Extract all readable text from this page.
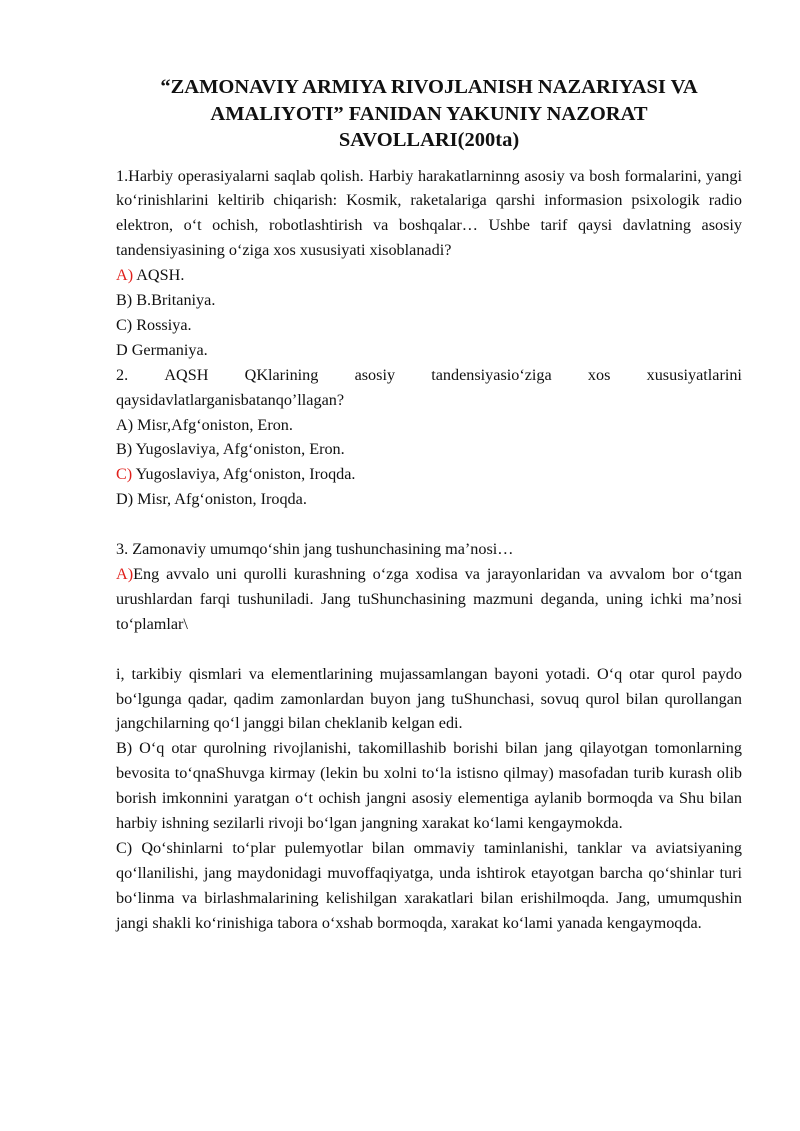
“ZAMONAVIY ARMIYA RIVOJLANISH NAZARIYASI VA
AMALIYOTI” FANIDAN YAKUNIY NAZORAT
SAVOLLARI(200ta)

1.Harbiy operasiyalarni saqlab qolish. Harbiy harakatlarninng asosiy va bosh formalarini, yangi ko‘rinishlarini keltirib chiqarish: Kosmik, raketalariga qarshi informasion psixologik radio elektron, o‘t ochish, robotlashtirish va boshqalar… Ushbe tarif qaysi davlatning asosiy tandensiyasining o‘ziga xos xususiyati xisoblanadi?

A) AQSH.

B) B.Britaniya.

C) Rossiya.

D Germaniya.

2. AQSH QKlarining asosiy tandensiyasio‘ziga xos xususiyatlarini

qaysidavlatlarganisbatanqo’llagan?

A) Misr,Afg‘oniston, Eron.

B) Yugoslaviya, Afg‘oniston, Eron.

C) Yugoslaviya, Afg‘oniston, Iroqda.

D) Misr, Afg‘oniston, Iroqda.

3. Zamonaviy umumqo‘shin jang tushunchasining ma’nosi…

A)Eng avvalo uni qurolli kurashning o‘zga xodisa va jarayonlaridan va avvalom bor o‘tgan urushlardan farqi tushuniladi. Jang tuShunchasining mazmuni deganda, uning ichki ma’nosi to‘plamlar\

i, tarkibiy qismlari va elementlarining mujassamlangan bayoni yotadi. O‘q otar qurol paydo bo‘lgunga qadar, qadim zamonlardan buyon jang tuShunchasi, sovuq qurol bilan qurollangan jangchilarning qo‘l janggi bilan cheklanib kelgan edi.

B) O‘q otar qurolning rivojlanishi, takomillashib borishi bilan jang qilayotgan tomonlarning bevosita to‘qnaShuvga kirmay (lekin bu xolni to‘la istisno qilmay) masofadan turib kurash olib borish imkonnini yaratgan o‘t ochish jangni asosiy elementiga aylanib bormoqda va Shu bilan harbiy ishning sezilarli rivoji bo‘lgan jangning xarakat ko‘lami kengaymokda.

C) Qo‘shinlarni to‘plar pulemyotlar bilan ommaviy taminlanishi, tanklar va aviatsiyaning qo‘llanilishi, jang maydonidagi muvoffaqiyatga, unda ishtirok etayotgan barcha qo‘shinlar turi bo‘linma va birlashmalarining kelishilgan xarakatlari bilan erishilmoqda. Jang, umumqushin jangi shakli ko‘rinishiga tabora o‘xshab bormoqda, xarakat ko‘lami yanada kengaymoqda.
